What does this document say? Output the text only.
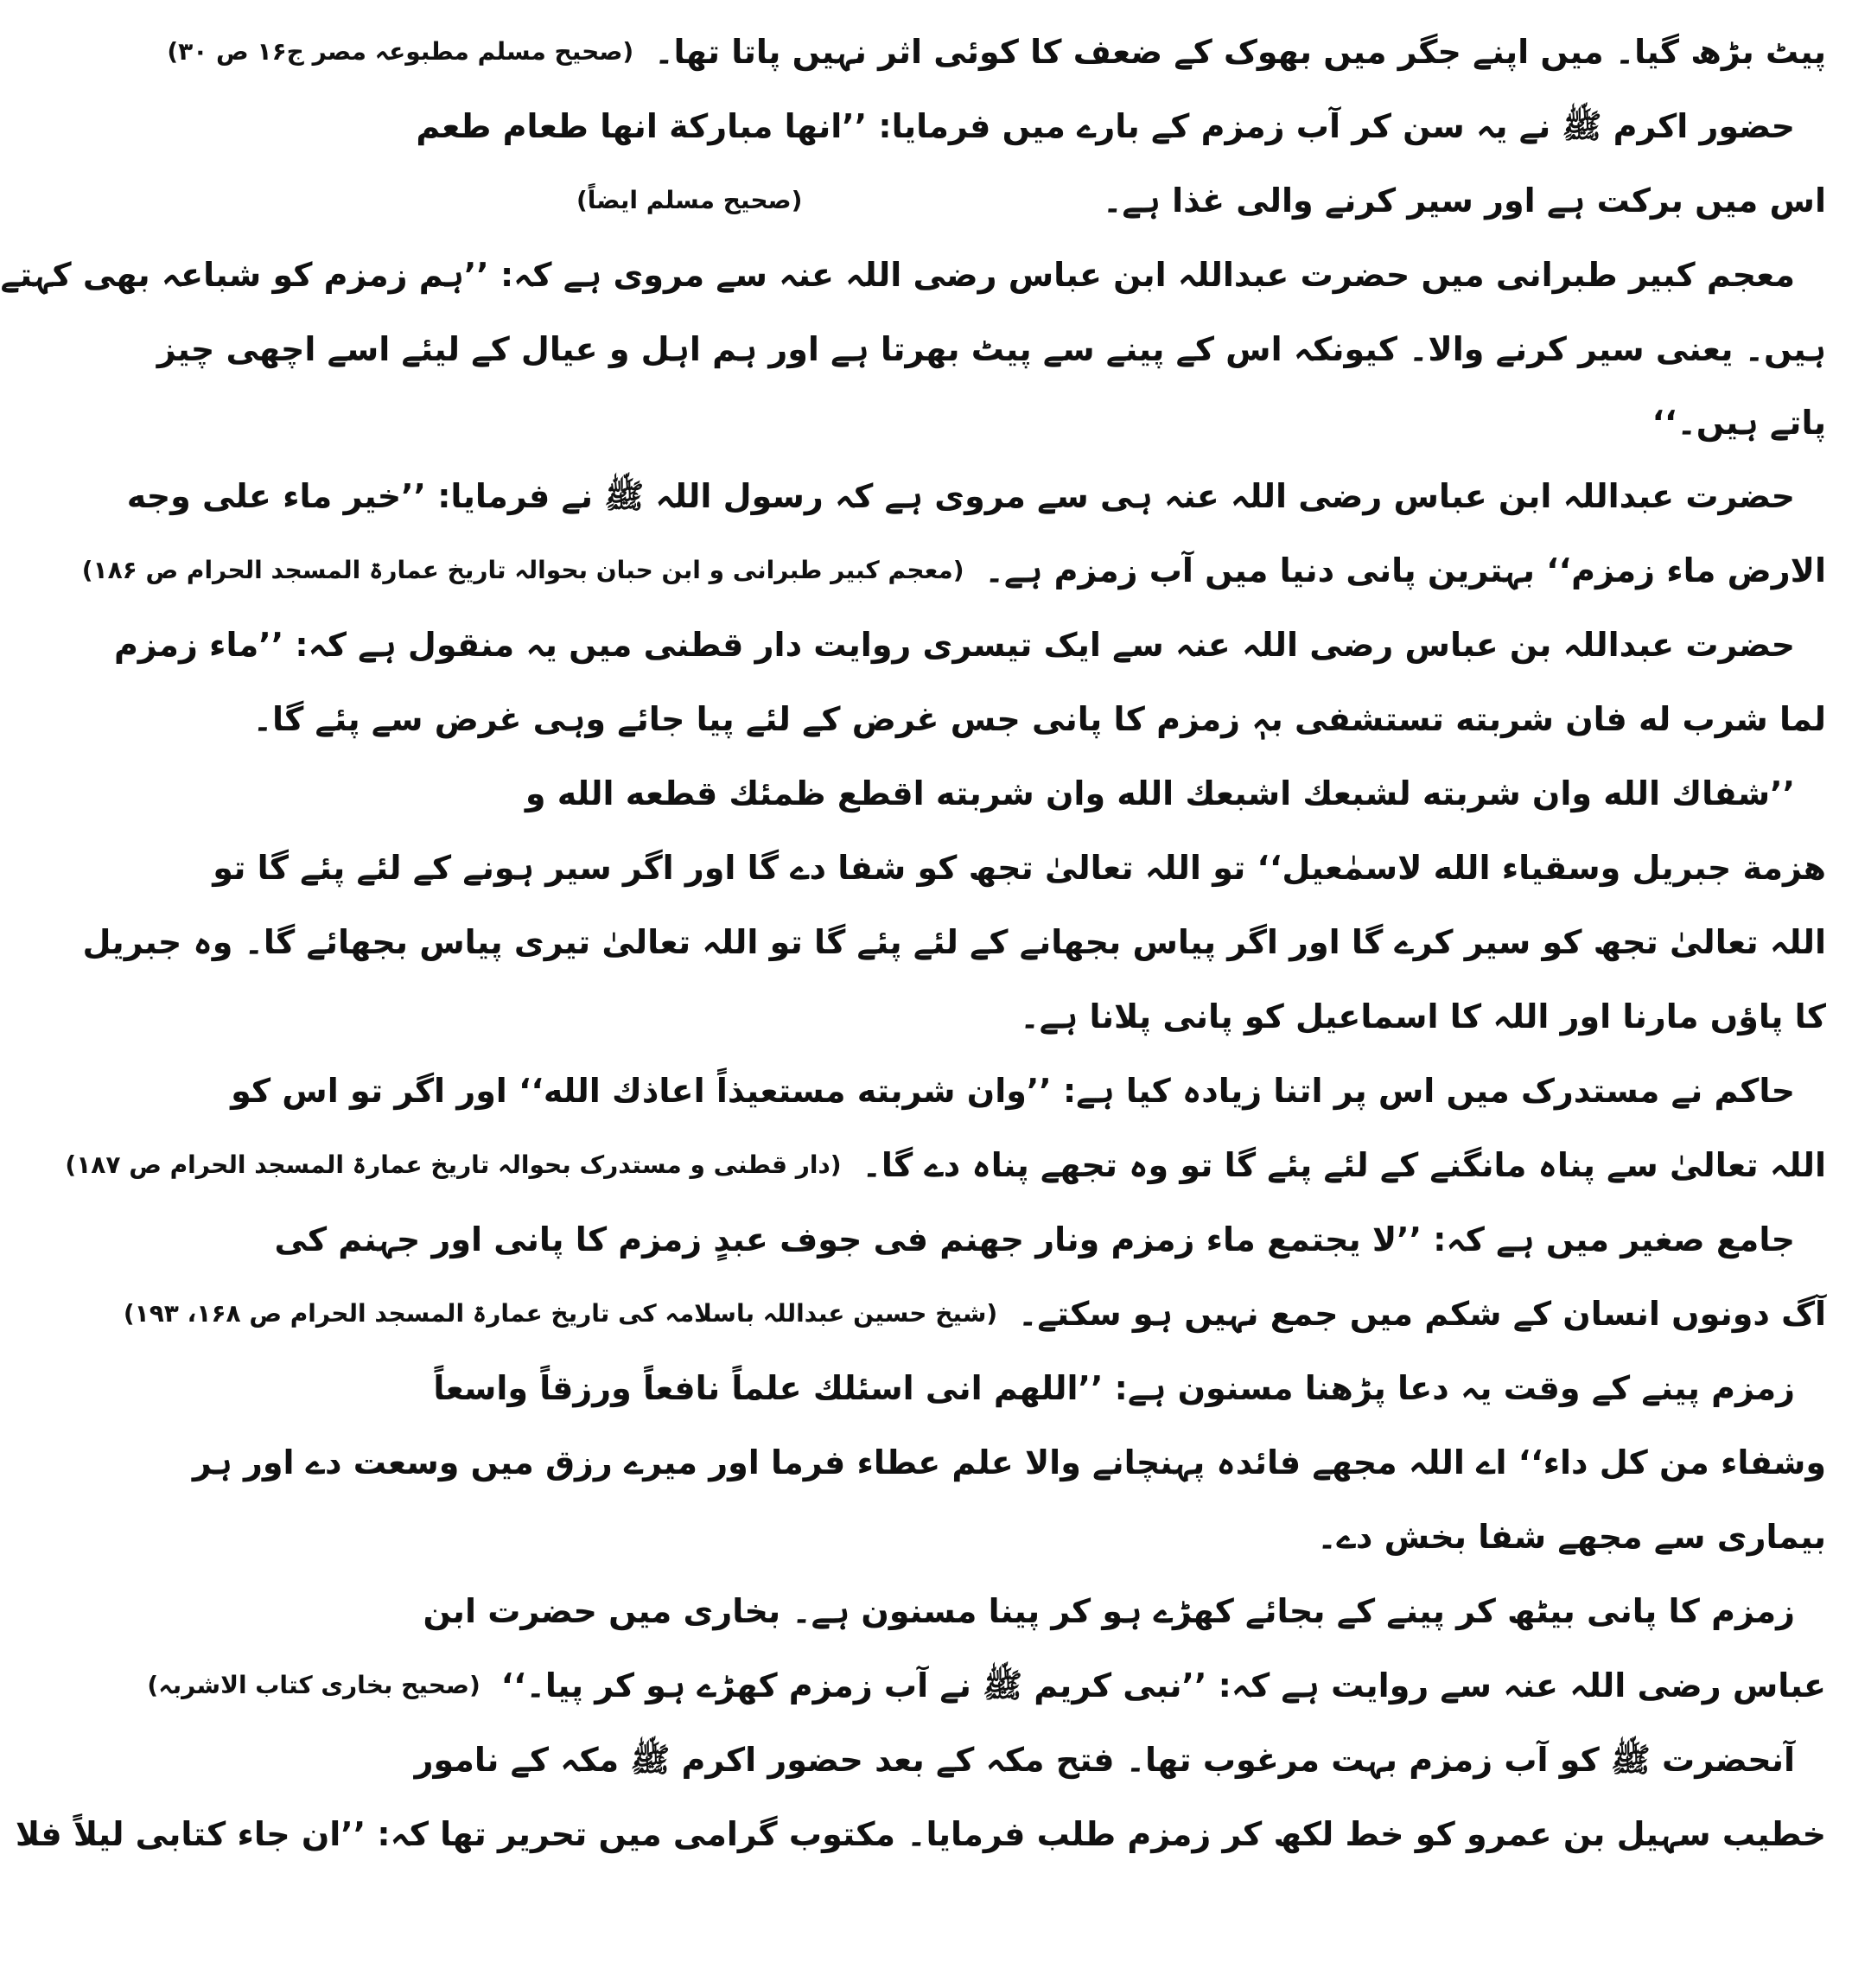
پیٹ بڑھ گیا۔ میں اپنے جگر میں بھوک کے ضعف کا کوئی اثر نہیں پاتا تھا۔
(صحیح مسلم مطبوعہ مصر ج۱۶ ص ۳۰)
حضور اکرم ﷺ نے یہ سن کر آب زمزم کے بارے میں فرمایا: ’’انها مباركة انها طعام طعم
اس میں برکت ہے اور سیر کرنے والی غذا ہے۔
(صحیح مسلم ایضاً)
معجم کبیر طبرانی میں حضرت عبداللہ ابن عباس رضی اللہ عنہ سے مروی ہے کہ: ’’ہم زمزم کو شباعہ بھی کہتے
ہیں۔ یعنی سیر کرنے والا۔ کیونکہ اس کے پینے سے پیٹ بھرتا ہے اور ہم اہل و عیال کے لیئے اسے اچھی چیز
پاتے ہیں۔‘‘
حضرت عبداللہ ابن عباس رضی اللہ عنہ ہی سے مروی ہے کہ رسول اللہ ﷺ نے فرمایا: ’’خير ماء على وجه
الارض ماء زمزم‘‘ بہترین پانی دنیا میں آب زمزم ہے۔
(معجم کبیر طبرانی و ابن حبان بحوالہ تاریخ عمارۃ المسجد الحرام ص ۱۸۶)
حضرت عبداللہ بن عباس رضی اللہ عنہ سے ایک تیسری روایت دار قطنی میں یہ منقول ہے کہ: ’’ماء زمزم
لما شرب له فان شربته تستشفى بہٖ زمزم کا پانی جس غرض کے لئے پیا جائے وہی غرض سے پئے گا۔
’’شفاك الله وان شربته لشبعك اشبعك الله وان شربته اقطع ظمئك قطعه الله و
هزمة جبريل وسقياء الله لاسمٰعيل‘‘ تو اللہ تعالیٰ تجھ کو شفا دے گا اور اگر سیر ہونے کے لئے پئے گا تو
اللہ تعالیٰ تجھ کو سیر کرے گا اور اگر پیاس بجھانے کے لئے پئے گا تو اللہ تعالیٰ تیری پیاس بجھائے گا۔ وہ جبریل
کا پاؤں مارنا اور اللہ کا اسماعیل کو پانی پلانا ہے۔
حاکم نے مستدرک میں اس پر اتنا زیادہ کیا ہے: ’’وان شربته مستعيذاً اعاذك الله‘‘ اور اگر تو اس کو
اللہ تعالیٰ سے پناہ مانگنے کے لئے پئے گا تو وہ تجھے پناہ دے گا۔
(دار قطنی و مستدرک بحوالہ تاریخ عمارۃ المسجد الحرام ص ۱۸۷)
جامع صغیر میں ہے کہ: ’’لا يجتمع ماء زمزم ونار جهنم فى جوف عبدٍ زمزم کا پانی اور جہنم کی
آگ دونوں انسان کے شکم میں جمع نہیں ہو سکتے۔
(شیخ حسین عبداللہ باسلامہ کی تاریخ عمارۃ المسجد الحرام ص ۱۶۸، ۱۹۳)
زمزم پینے کے وقت یہ دعا پڑھنا مسنون ہے: ’’اللهم انى اسئلك علماً نافعاً ورزقاً واسعاً
وشفاء من كل داء‘‘ اے اللہ مجھے فائدہ پہنچانے والا علم عطاء فرما اور میرے رزق میں وسعت دے اور ہر
بیماری سے مجھے شفا بخش دے۔
زمزم کا پانی بیٹھ کر پینے کے بجائے کھڑے ہو کر پینا مسنون ہے۔ بخاری میں حضرت ابن
عباس رضی اللہ عنہ سے روایت ہے کہ: ’’نبی کریم ﷺ نے آب زمزم کھڑے ہو کر پیا۔‘‘
(صحیح بخاری کتاب الاشربہ)
آنحضرت ﷺ کو آب زمزم بہت مرغوب تھا۔ فتح مکہ کے بعد حضور اکرم ﷺ مکہ کے نامور
خطیب سہیل بن عمرو کو خط لکھ کر زمزم طلب فرمایا۔ مکتوب گرامی میں تحریر تھا کہ: ’’ان جاء كتابى ليلاً فلا
